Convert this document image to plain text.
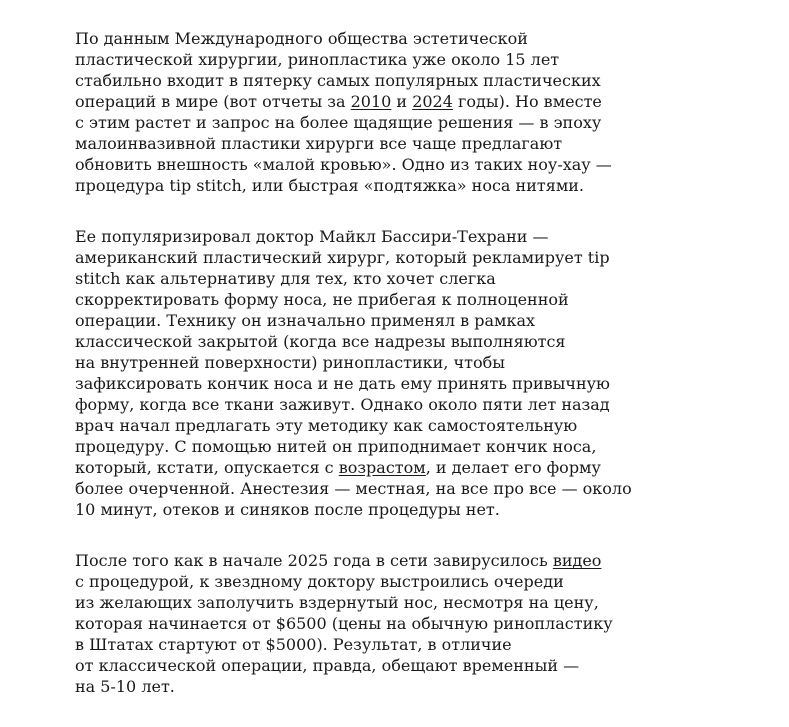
По данным Международного общества эстетической
пластической хирургии, ринопластика уже около 15 лет
стабильно входит в пятерку самых популярных пластических
операций в мире (вот отчеты за 2010 и 2024 годы). Но вместе
с этим растет и запрос на более щадящие решения — в эпоху
малоинвазивной пластики хирурги все чаще предлагают
обновить внешность «малой кровью». Одно из таких ноу-хау —
процедура tip stitch, или быстрая «подтяжка» носа нитями.

Ее популяризировал доктор Майкл Бассири-Техрани —
американский пластический хирург, который рекламирует tip
stitch как альтернативу для тех, кто хочет слегка
скорректировать форму носа, не прибегая к полноценной
операции. Технику он изначально применял в рамках
классической закрытой (когда все надрезы выполняются
на внутренней поверхности) ринопластики, чтобы
зафиксировать кончик носа и не дать ему принять привычную
форму, когда все ткани заживут. Однако около пяти лет назад
врач начал предлагать эту методику как самостоятельную
процедуру. С помощью нитей он приподнимает кончик носа,
который, кстати, опускается с возрастом, и делает его форму
более очерченной. Анестезия — местная, на все про все — около
10 минут, отеков и синяков после процедуры нет.

После того как в начале 2025 года в сети завирусилось видео
с процедурой, к звездному доктору выстроились очереди
из желающих заполучить вздернутый нос, несмотря на цену,
которая начинается от $6500 (цены на обычную ринопластику
в Штатах стартуют от $5000). Результат, в отличие
от классической операции, правда, обещают временный —
на 5-10 лет.
